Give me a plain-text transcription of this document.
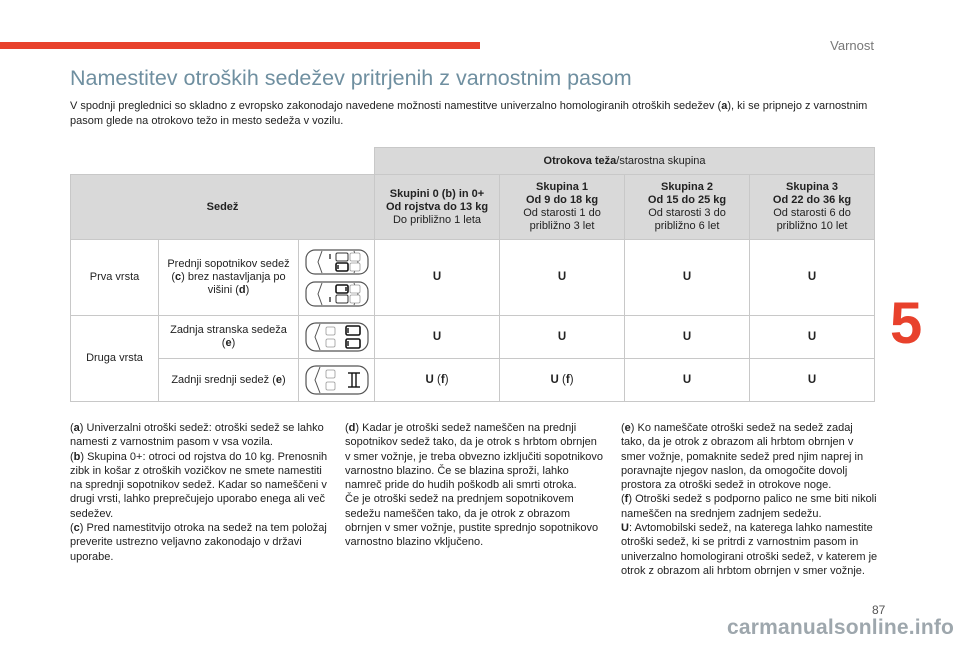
Varnost
Namestitev otroških sedežev pritrjenih z varnostnim pasom
V spodnji preglednici so skladno z evropsko zakonodajo navedene možnosti namestitve univerzalno homologiranih otroških sedežev (a), ki se pripnejo z varnostnim pasom glede na otrokovo težo in mesto sedeža v vozilu.
			Otrokova teža/starostna skupina			
Sedež			Skupini 0 (b) in 0+
Od rojstva do 13 kg
Do približno 1 leta	Skupina 1
Od 9 do 18 kg
Od starosti 1 do približno 3 let	Skupina 2
Od 15 do 25 kg
Od starosti 3 do približno 6 let	Skupina 3
Od 22 do 36 kg
Od starosti 6 do približno 10 let
Prva vrsta	Prednji sopotnikov sedež (c) brez nastavljanja po višini (d)		U	U	U	U
Druga vrsta	Zadnja stranska sedeža (e)		U	U	U	U
	Zadnji srednji sedež (e)		U (f)	U (f)	U	U
5

(a) Univerzalni otroški sedež: otroški sedež se lahko namesti z varnostnim pasom v vsa vozila.

(b) Skupina 0+: otroci od rojstva do 10 kg. Prenosnih zibk in košar z otroških vozičkov ne smete namestiti na sprednji sopotnikov sedež. Kadar so nameščeni v drugi vrsti, lahko preprečujejo uporabo enega ali več sedežev.

(c) Pred namestitvijo otroka na sedež na tem položaj preverite ustrezno veljavno zakonodajo v državi uporabe.

(d) Kadar je otroški sedež nameščen na prednji sopotnikov sedež tako, da je otrok s hrbtom obrnjen v smer vožnje, je treba obvezno izključiti sopotnikovo varnostno blazino. Če se blazina sproži, lahko namreč pride do hudih poškodb ali smrti otroka.

Če je otroški sedež na prednjem sopotnikovem sedežu nameščen tako, da je otrok z obrazom obrnjen v smer vožnje, pustite sprednjo sopotnikovo varnostno blazino vključeno.

(e) Ko nameščate otroški sedež na sedež zadaj tako, da je otrok z obrazom ali hrbtom obrnjen v smer vožnje, pomaknite sedež pred njim naprej in poravnajte njegov naslon, da omogočite dovolj prostora za otroški sedež in otrokove noge.

(f) Otroški sedež s podporno palico ne sme biti nikoli nameščen na srednjem zadnjem sedežu.

U: Avtomobilski sedež, na katerega lahko namestite otroški sedež, ki se pritrdi z varnostnim pasom in univerzalno homologirani otroški sedež, v katerem je otrok z obrazom ali hrbtom obrnjen v smer vožnje.

87
carmanualsonline.info
